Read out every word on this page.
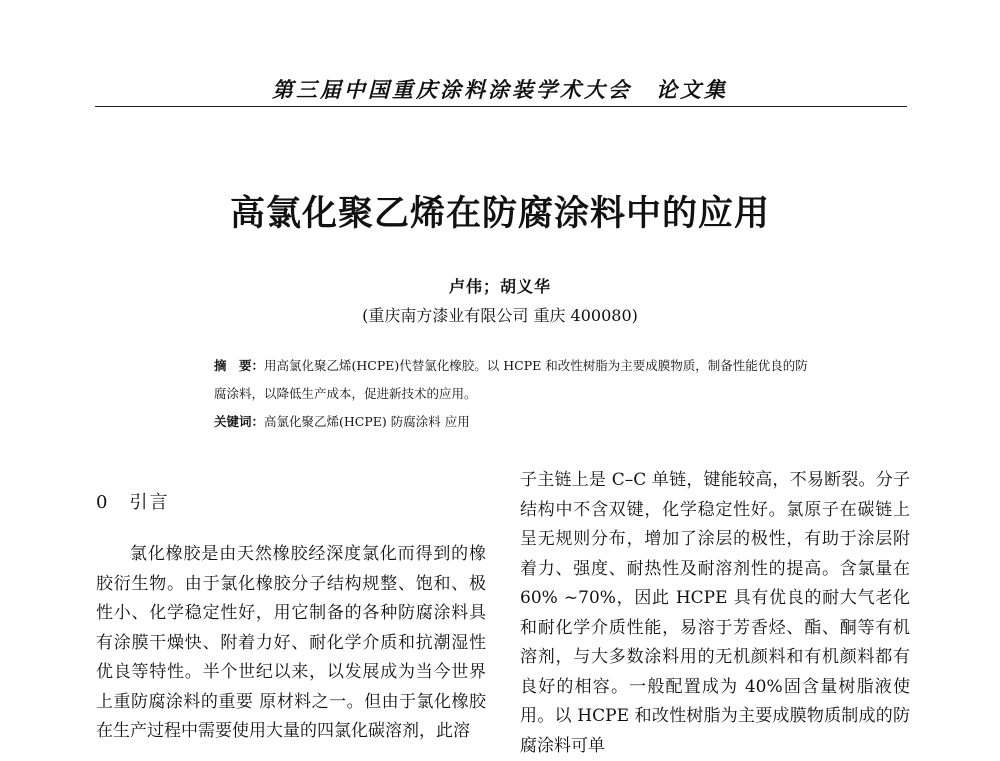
第三届中国重庆涂料涂装学术大会　论文集
高氯化聚乙烯在防腐涂料中的应用
卢伟；胡义华
(重庆南方漆业有限公司 重庆 400080)

摘　要：用高氯化聚乙烯(HCPE)代替氯化橡胶。以 HCPE 和改性树脂为主要成膜物质，制备性能优良的防腐涂料，以降低生产成本，促进新技术的应用。

关键词：高氯化聚乙烯(HCPE) 防腐涂料 应用

0　引言

氯化橡胶是由天然橡胶经深度氯化而得到的橡胶衍生物。由于氯化橡胶分子结构规整、饱和、极性小、化学稳定性好，用它制备的各种防腐涂料具有涂膜干燥快、附着力好、耐化学介质和抗潮湿性优良等特性。半个世纪以来，以发展成为当今世界上重防腐涂料的重要 原材料之一。但由于氯化橡胶在生产过程中需要使用大量的四氯化碳溶剂，此溶

子主链上是 C–C 单链，键能较高，不易断裂。分子结构中不含双键，化学稳定性好。氯原子在碳链上呈无规则分布，增加了涂层的极性，有助于涂层附着力、强度、耐热性及耐溶剂性的提高。含氯量在 60% ~70%，因此 HCPE 具有优良的耐大气老化和耐化学介质性能，易溶于芳香烃、酯、酮等有机溶剂，与大多数涂料用的无机颜料和有机颜料都有良好的相容。一般配置成为 40%固含量树脂液使用。以 HCPE 和改性树脂为主要成膜物质制成的防腐涂料可单
